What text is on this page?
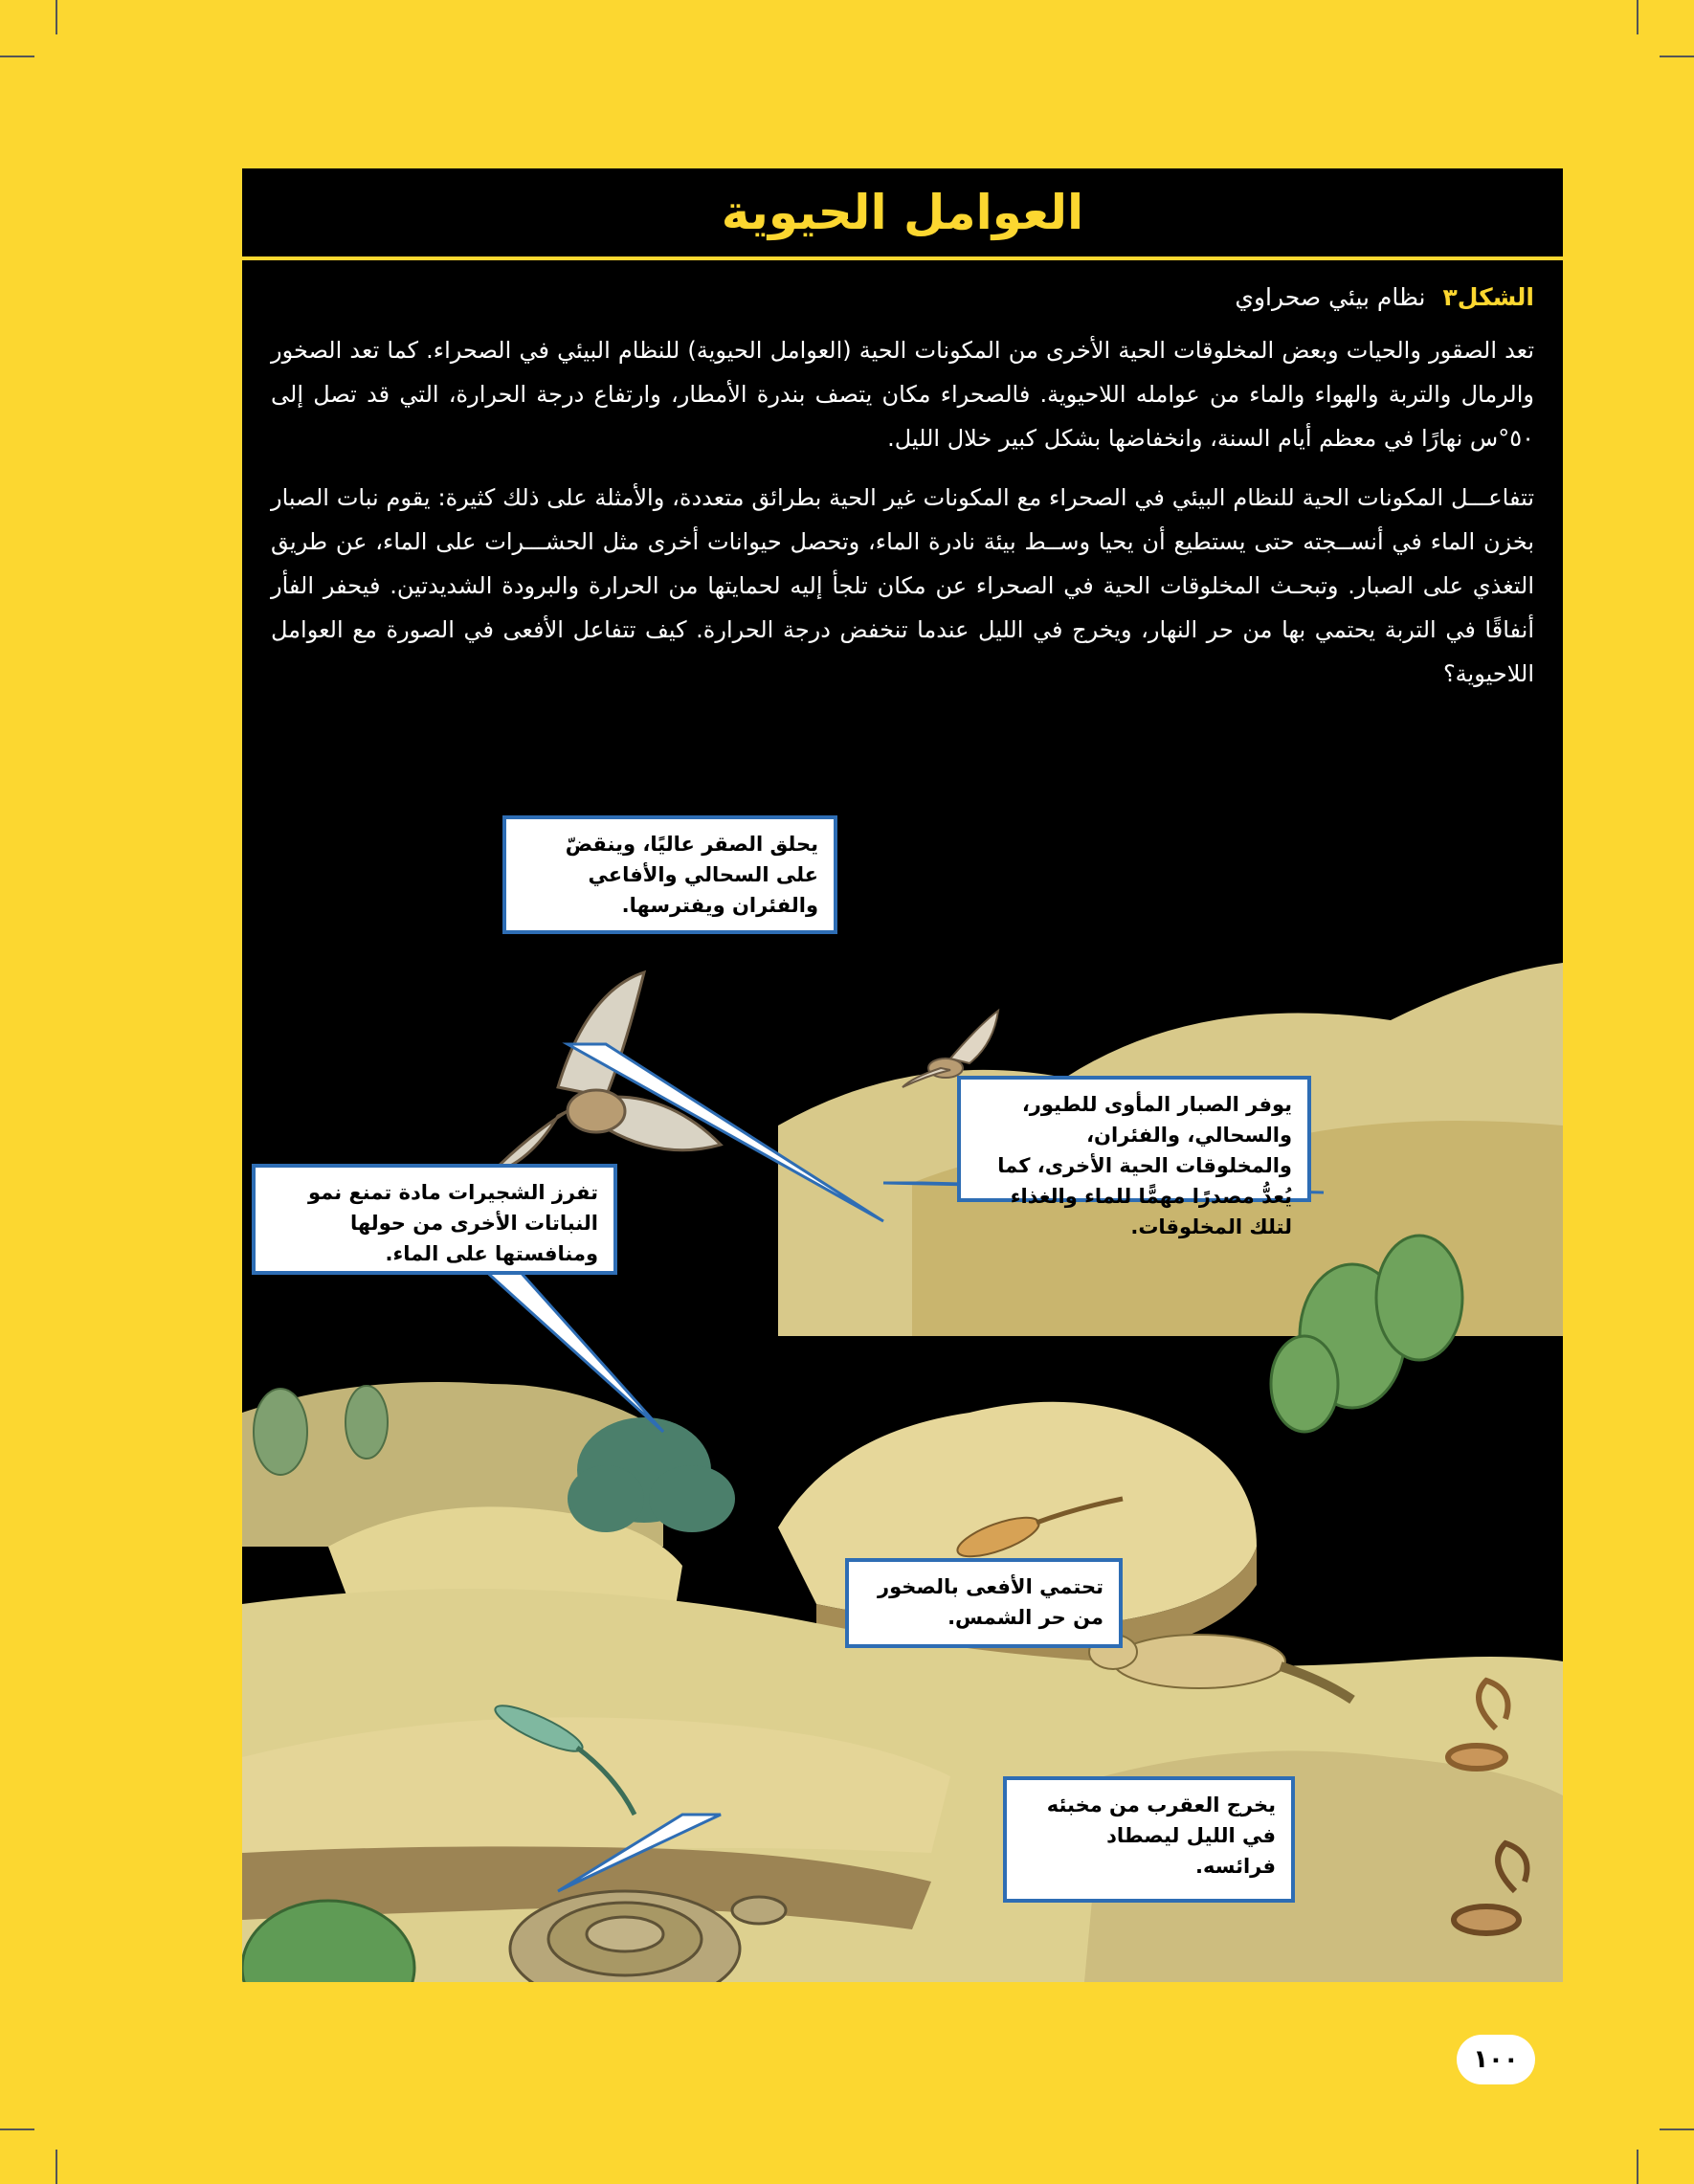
العوامل الحيوية

الشكل٣نظام بيئي صحراوي

تعد الصقور والحيات وبعض المخلوقات الحية الأخرى من المكونات الحية (العوامل الحيوية) للنظام البيئي في الصحراء. كما تعد الصخور والرمال والتربة والهواء والماء من عوامله اللاحيوية. فالصحراء مكان يتصف بندرة الأمطار، وارتفاع درجة الحرارة، التي قد تصل إلى ٥٠°س نهارًا في معظم أيام السنة، وانخفاضها بشكل كبير خلال الليل.

تتفاعـــل المكونات الحية للنظام البيئي في الصحراء مع المكونات غير الحية بطرائق متعددة، والأمثلة على ذلك كثيرة: يقوم نبات الصبار بخزن الماء في أنســجته حتى يستطيع أن يحيا وســط بيئة نادرة الماء، وتحصل حيوانات أخرى مثل الحشـــرات على الماء، عن طريق التغذي على الصبار. وتبحـث المخلوقات الحية في الصحراء عن مكان تلجأ إليه لحمايتها من الحرارة والبرودة الشديدتين. فيحفر الفأر أنفاقًا في التربة يحتمي بها من حر النهار، ويخرج في الليل عندما تنخفض درجة الحرارة. كيف تتفاعل الأفعى في الصورة مع العوامل اللاحيوية؟

يحلق الصقر عاليًا، وينقضّ على السحالي والأفاعي والفئران ويفترسها.
يوفر الصبار المأوى للطيور، والسحالي، والفئران، والمخلوقات الحية الأخرى، كما يُعدُّ مصدرًا مهمًّا للماء والغذاء لتلك المخلوقات.
تفرز الشجيرات مادة تمنع نمو النباتات الأخرى من حولها ومنافستها على الماء.
تحتمي الأفعى بالصخور من حر الشمس.
يخرج العقرب من مخبئه في الليل ليصطاد فرائسه.
١٠٠
